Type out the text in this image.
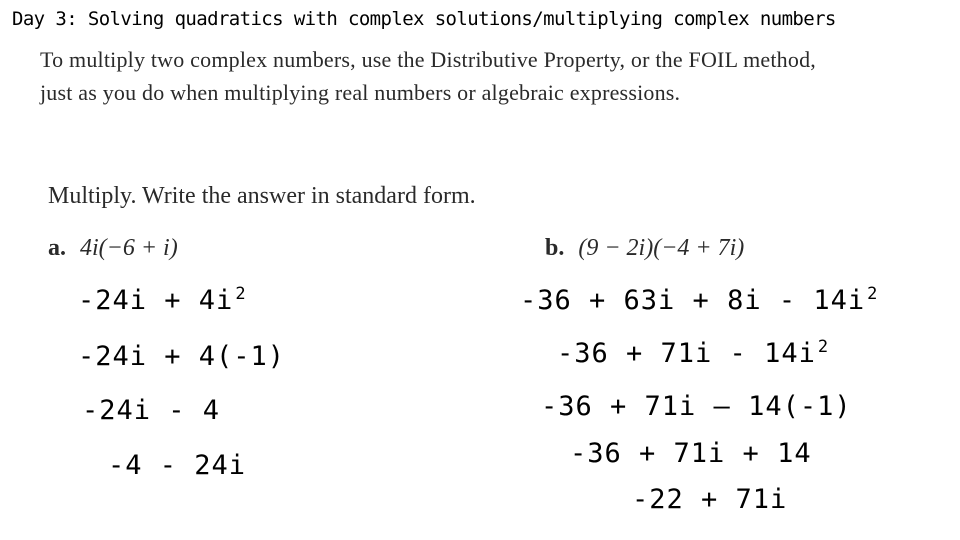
Day 3: Solving quadratics with complex solutions/multiplying complex numbers
To multiply two complex numbers, use the Distributive Property, or the FOIL method,
just as you do when multiplying real numbers or algebraic expressions.
Multiply. Write the answer in standard form.
a. 4i(−6 + i)	b. (9 − 2i)(−4 + 7i)
-24i + 4i $^2$
-24i + 4(-1)
-24i - 4
-4 - 24i
-36 + 63i + 8i - 14i $^2$
-36 + 71i - 14i $^2$
-36 + 71i – 14(-1)
-36 + 71i + 14
-22 + 71i
